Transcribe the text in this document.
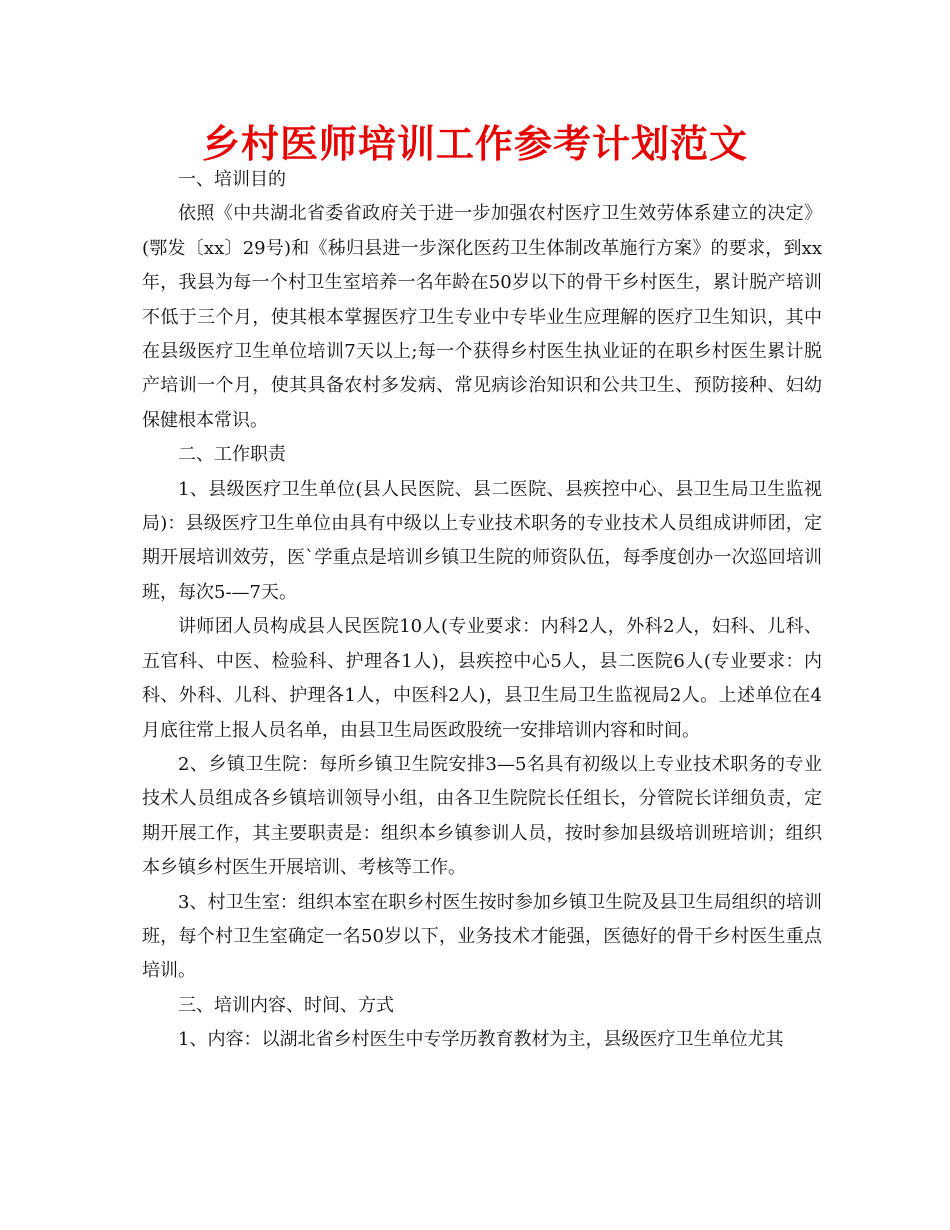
乡村医师培训工作参考计划范文

一、培训目的

依照《中共湖北省委省政府关于进一步加强农村医疗卫生效劳体系建立的决定》(鄂发〔xx〕29号)和《秭归县进一步深化医药卫生体制改革施行方案》的要求，到xx年，我县为每一个村卫生室培养一名年龄在50岁以下的骨干乡村医生，累计脱产培训不低于三个月，使其根本掌握医疗卫生专业中专毕业生应理解的医疗卫生知识，其中在县级医疗卫生单位培训7天以上;每一个获得乡村医生执业证的在职乡村医生累计脱产培训一个月，使其具备农村多发病、常见病诊治知识和公共卫生、预防接种、妇幼保健根本常识。

二、工作职责

1、县级医疗卫生单位(县人民医院、县二医院、县疾控中心、县卫生局卫生监视局)：县级医疗卫生单位由具有中级以上专业技术职务的专业技术人员组成讲师团，定期开展培训效劳，医`学重点是培训乡镇卫生院的师资队伍，每季度创办一次巡回培训班，每次5-—7天。

讲师团人员构成县人民医院10人(专业要求：内科2人，外科2人，妇科、儿科、五官科、中医、检验科、护理各1人)，县疾控中心5人，县二医院6人(专业要求：内科、外科、儿科、护理各1人，中医科2人)，县卫生局卫生监视局2人。上述单位在4月底往常上报人员名单，由县卫生局医政股统一安排培训内容和时间。

2、乡镇卫生院：每所乡镇卫生院安排3—5名具有初级以上专业技术职务的专业技术人员组成各乡镇培训领导小组，由各卫生院院长任组长，分管院长详细负责，定期开展工作，其主要职责是：组织本乡镇参训人员，按时参加县级培训班培训；组织本乡镇乡村医生开展培训、考核等工作。

3、村卫生室：组织本室在职乡村医生按时参加乡镇卫生院及县卫生局组织的培训班，每个村卫生室确定一名50岁以下，业务技术才能强，医德好的骨干乡村医生重点培训。

三、培训内容、时间、方式

1、内容：以湖北省乡村医生中专学历教育教材为主，县级医疗卫生单位尤其
